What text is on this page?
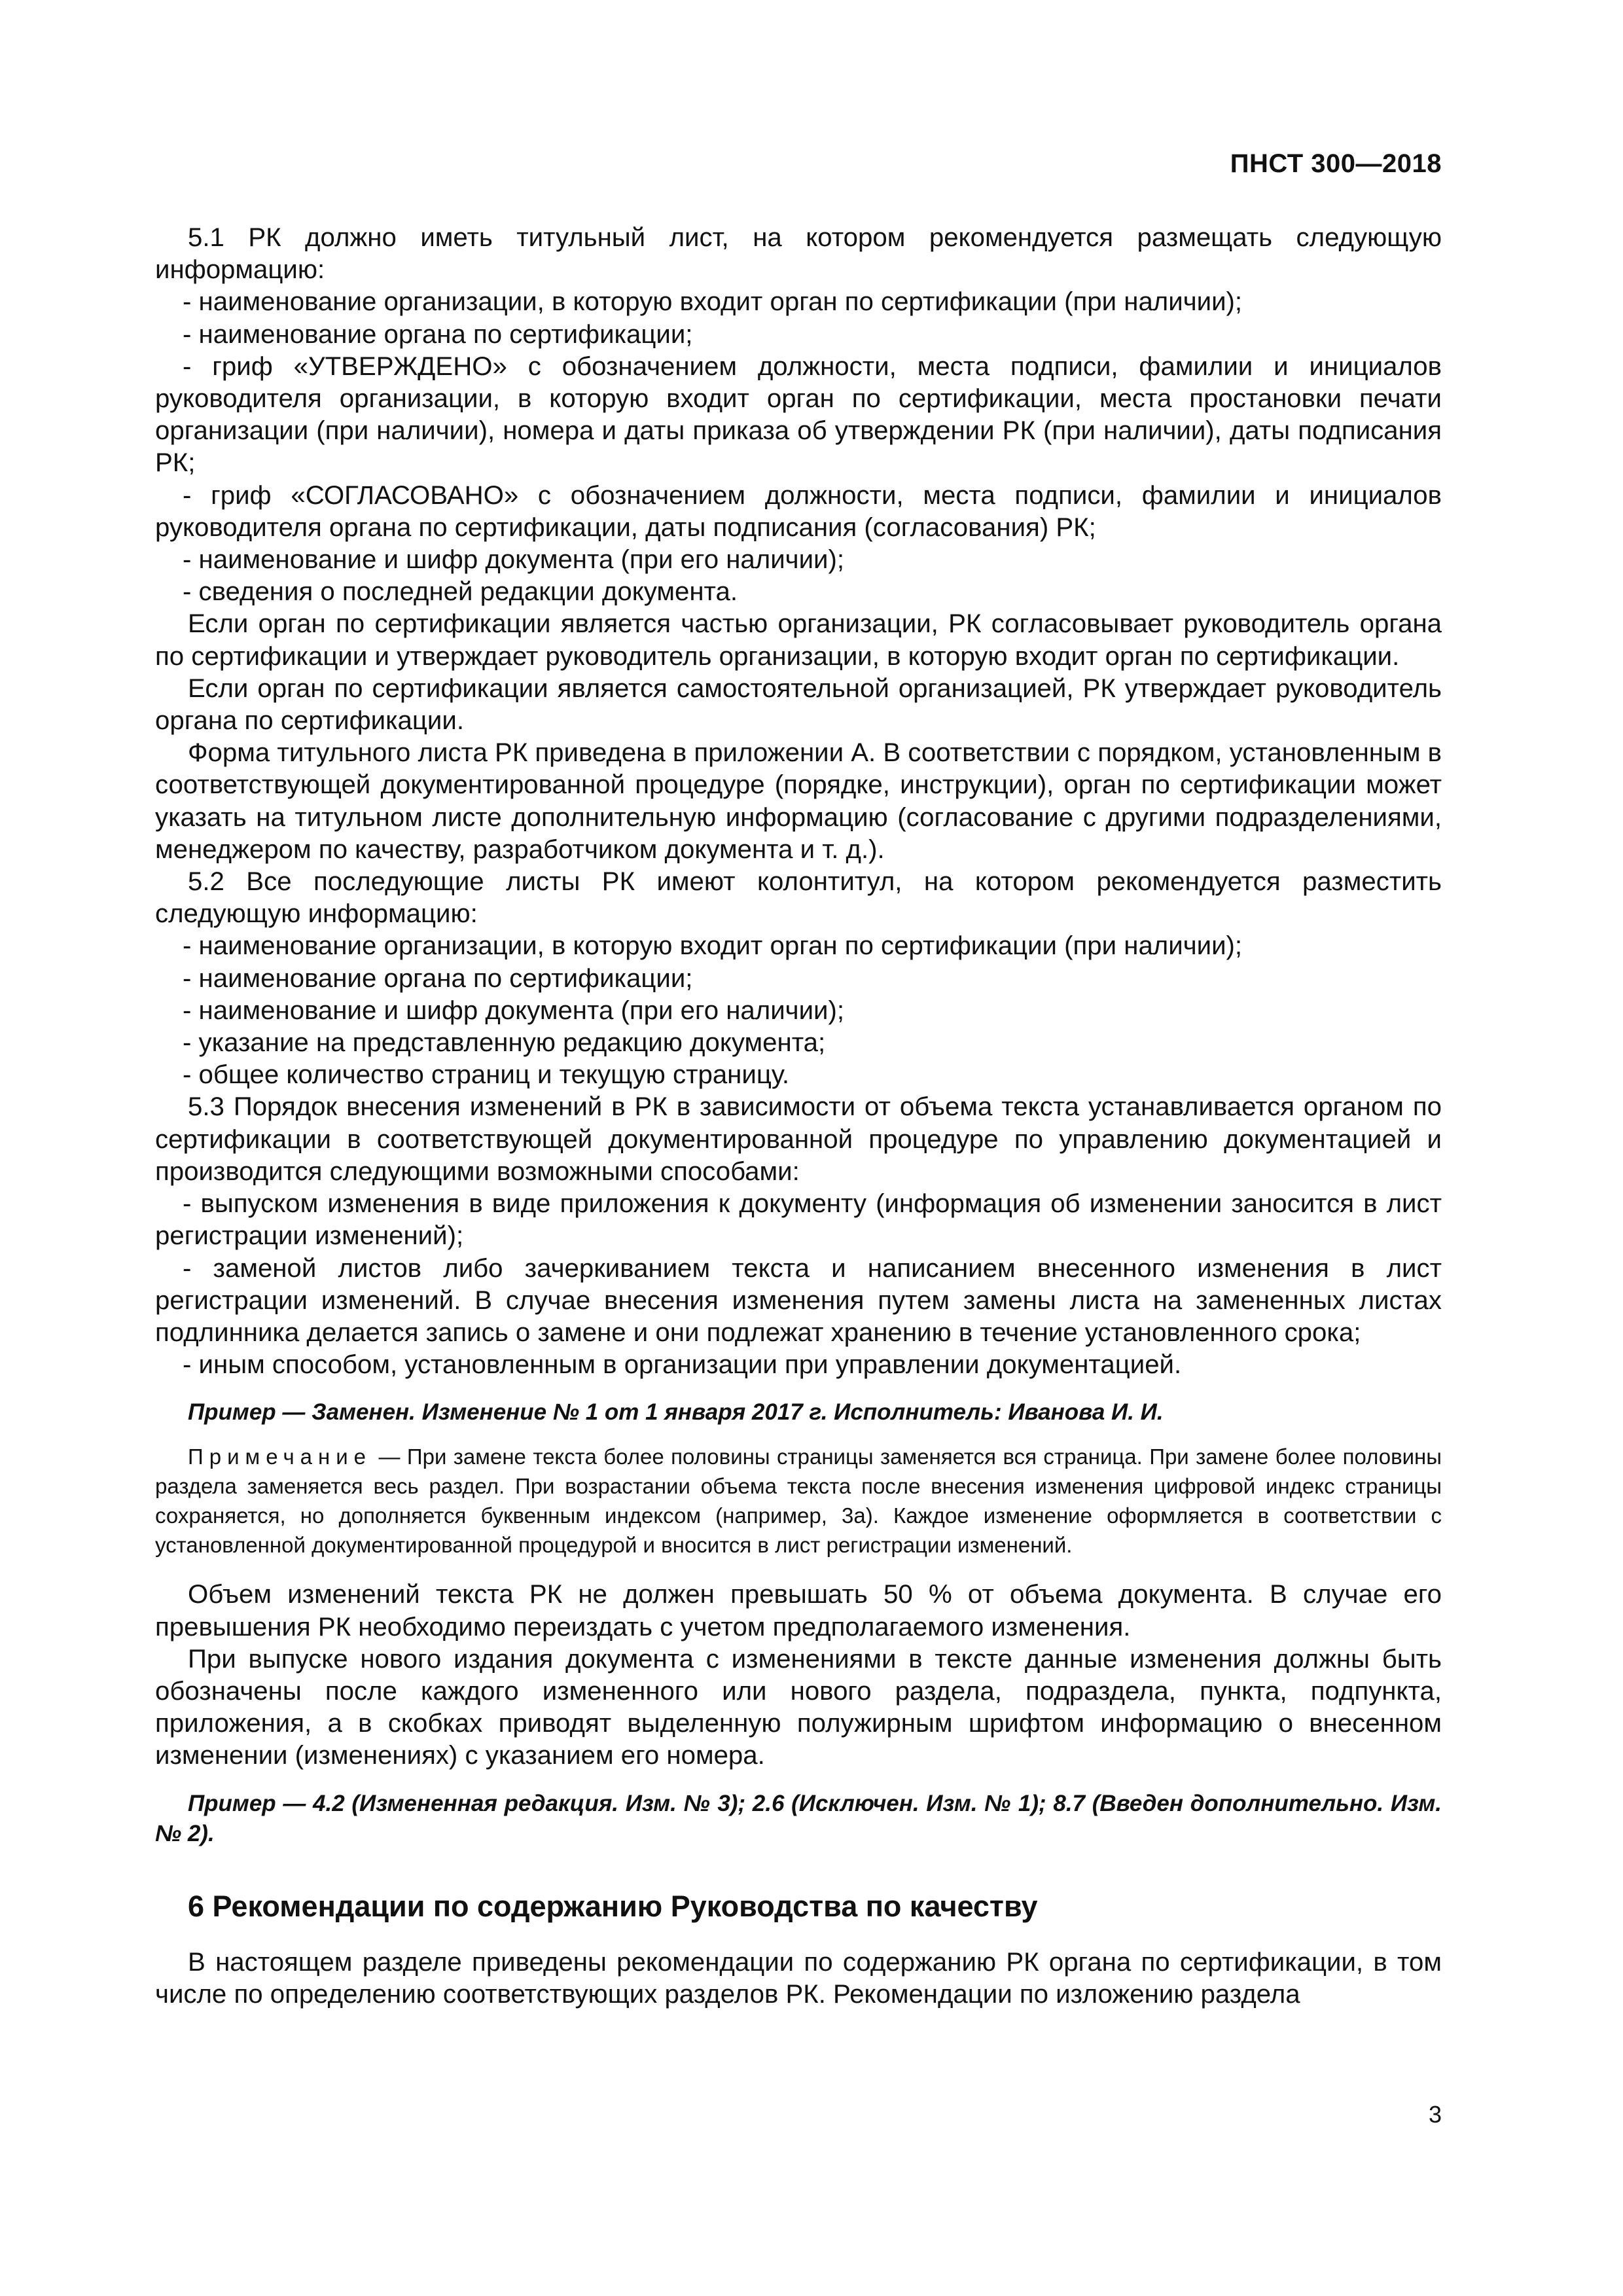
ПНСТ 300—2018

5.1 РК должно иметь титульный лист, на котором рекомендуется размещать следующую информацию:

- наименование организации, в которую входит орган по сертификации (при наличии);

- наименование органа по сертификации;

- гриф «УТВЕРЖДЕНО» с обозначением должности, места подписи, фамилии и инициалов руководителя организации, в которую входит орган по сертификации, места простановки печати организации (при наличии), номера и даты приказа об утверждении РК (при наличии), даты подписания РК;

- гриф «СОГЛАСОВАНО» с обозначением должности, места подписи, фамилии и инициалов руководителя органа по сертификации, даты подписания (согласования) РК;

- наименование и шифр документа (при его наличии);

- сведения о последней редакции документа.

Если орган по сертификации является частью организации, РК согласовывает руководитель органа по сертификации и утверждает руководитель организации, в которую входит орган по сертификации.

Если орган по сертификации является самостоятельной организацией, РК утверждает руководитель органа по сертификации.

Форма титульного листа РК приведена в приложении А. В соответствии с порядком, установленным в соответствующей документированной процедуре (порядке, инструкции), орган по сертификации может указать на титульном листе дополнительную информацию (согласование с другими подразделениями, менеджером по качеству, разработчиком документа и т. д.).

5.2 Все последующие листы РК имеют колонтитул, на котором рекомендуется разместить следующую информацию:

- наименование организации, в которую входит орган по сертификации (при наличии);

- наименование органа по сертификации;

- наименование и шифр документа (при его наличии);

- указание на представленную редакцию документа;

- общее количество страниц и текущую страницу.

5.3 Порядок внесения изменений в РК в зависимости от объема текста устанавливается органом по сертификации в соответствующей документированной процедуре по управлению документацией и производится следующими возможными способами:

- выпуском изменения в виде приложения к документу (информация об изменении заносится в лист регистрации изменений);

- заменой листов либо зачеркиванием текста и написанием внесенного изменения в лист регистрации изменений. В случае внесения изменения путем замены листа на замененных листах подлинника делается запись о замене и они подлежат хранению в течение установленного срока;

- иным способом, установленным в организации при управлении документацией.

Пример — Заменен. Изменение № 1 от 1 января 2017 г. Исполнитель: Иванова И. И.

Примечание — При замене текста более половины страницы заменяется вся страница. При замене более половины раздела заменяется весь раздел. При возрастании объема текста после внесения изменения цифровой индекс страницы сохраняется, но дополняется буквенным индексом (например, 3а). Каждое изменение оформляется в соответствии с установленной документированной процедурой и вносится в лист регистрации изменений.

Объем изменений текста РК не должен превышать 50 % от объема документа. В случае его превышения РК необходимо переиздать с учетом предполагаемого изменения.

При выпуске нового издания документа с изменениями в тексте данные изменения должны быть обозначены после каждого измененного или нового раздела, подраздела, пункта, подпункта, приложения, а в скобках приводят выделенную полужирным шрифтом информацию о внесенном изменении (изменениях) с указанием его номера.

Пример — 4.2 (Измененная редакция. Изм. № 3); 2.6 (Исключен. Изм. № 1); 8.7 (Введен дополнительно. Изм. № 2).

6 Рекомендации по содержанию Руководства по качеству

В настоящем разделе приведены рекомендации по содержанию РК органа по сертификации, в том числе по определению соответствующих разделов РК. Рекомендации по изложению раздела

3
